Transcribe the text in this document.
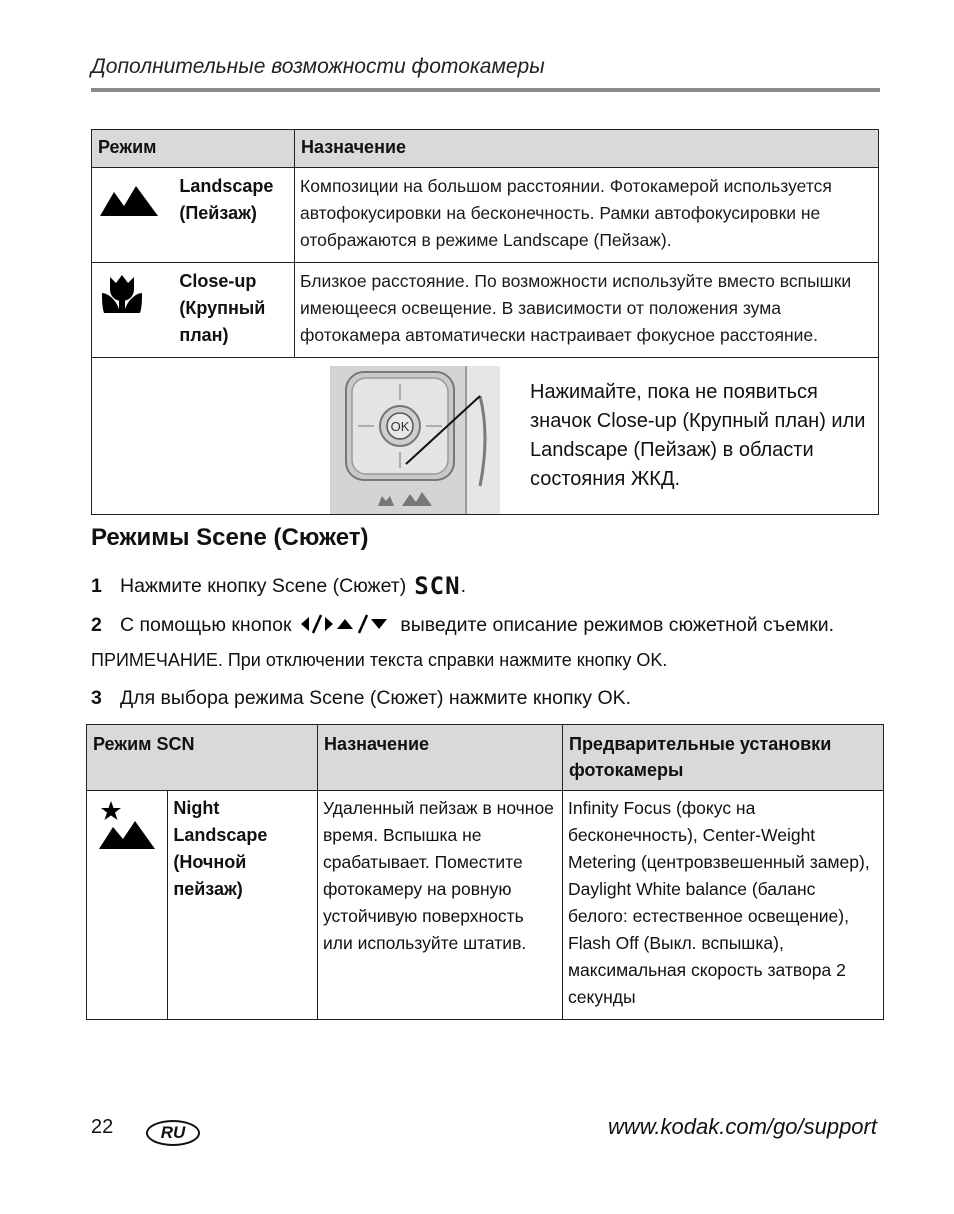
Дополнительные возможности фотокамеры
Режим		Назначение
	Landscape (Пейзаж)	Композиции на большом расстоянии. Фотокамерой используется автофокусировки на бесконечность. Рамки автофокусировки не отображаются в режиме Landscape (Пейзаж).
	Close-up (Крупный план)	Близкое расстояние. По возможности используйте вместо вспышки имеющееся освещение. В зависимости от положения зума фотокамера автоматически настраивает фокусное расстояние.

OK
Нажимайте, пока не появиться значок Close-up (Крупный план) или Landscape (Пейзаж) в области состояния ЖКД.		
Режимы Scene (Сюжет)
1 Нажмите кнопку Scene (Сюжет) SCN.
2 С помощью кнопок	выведите описание режимов сюжетной съемки.
ПРИМЕЧАНИЕ. При отключении текста справки нажмите кнопку OK.
3 Для выбора режима Scene (Сюжет) нажмите кнопку OK.
Режим SCN		Назначение	Предварительные установки фотокамеры
	Night Landscape (Ночной пейзаж)	Удаленный пейзаж в ночное время. Вспышка не срабатывает. Поместите фотокамеру на ровную устойчивую поверхность или используйте штатив.	Infinity Focus (фокус на бесконечность), Center-Weight Metering (центровзвешенный замер), Daylight White balance (баланс белого: естественное освещение), Flash Off (Выкл. вспышка), максимальная скорость затвора 2 секунды
22	RU	www.kodak.com/go/support
